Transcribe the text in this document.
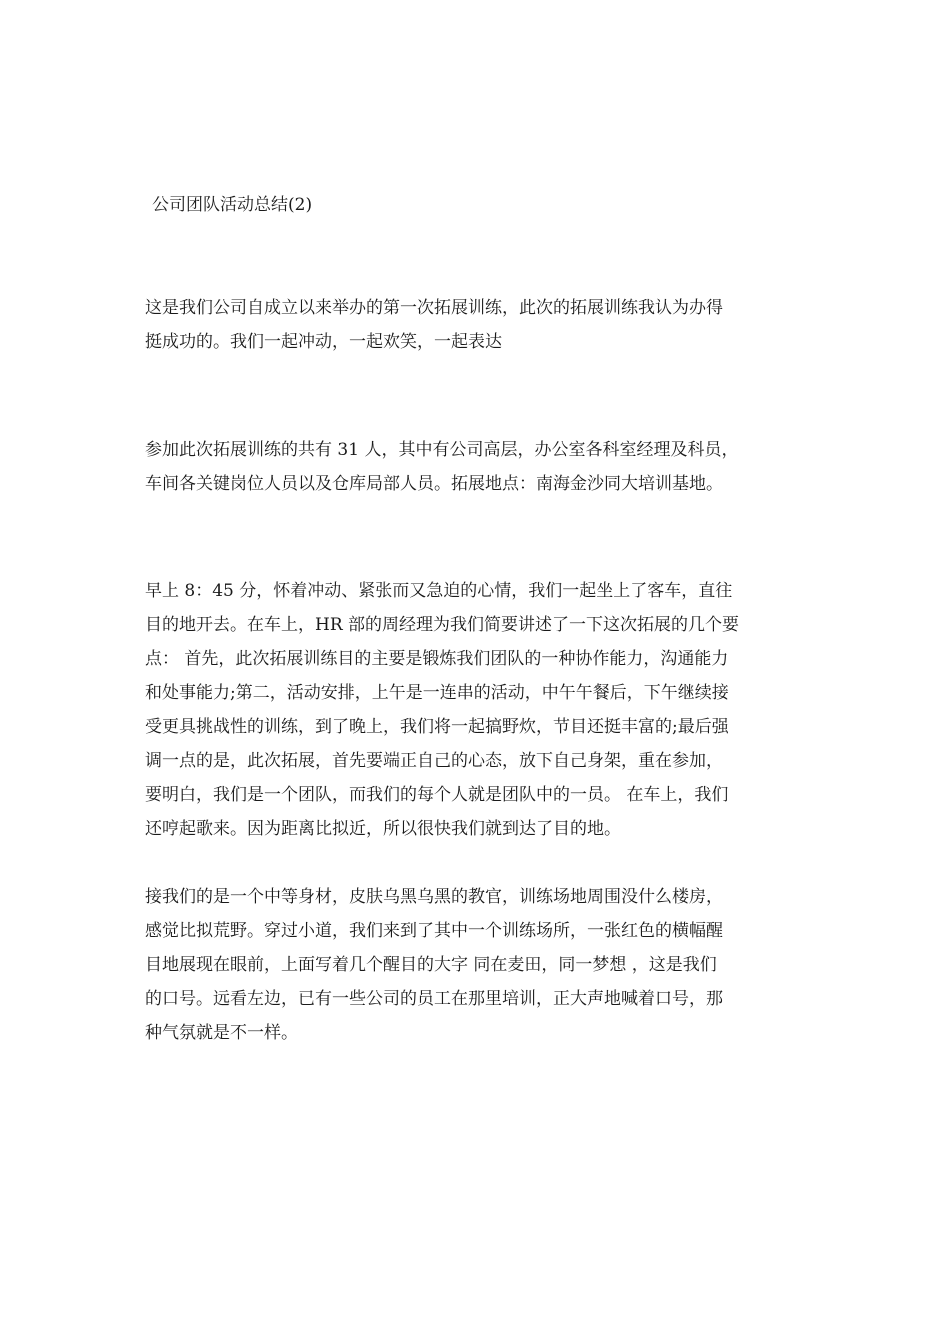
公司团队活动总结(2)
这是我们公司自成立以来举办的第一次拓展训练，此次的拓展训练我认为办得
挺成功的。我们一起冲动，一起欢笑，一起表达
参加此次拓展训练的共有 31 人，其中有公司高层，办公室各科室经理及科员，
车间各关键岗位人员以及仓库局部人员。拓展地点：南海金沙同大培训基地。
早上 8：45 分，怀着冲动、紧张而又急迫的心情，我们一起坐上了客车，直往
目的地开去。在车上，HR 部的周经理为我们简要讲述了一下这次拓展的几个要
点： 首先，此次拓展训练目的主要是锻炼我们团队的一种协作能力，沟通能力
和处事能力;第二，活动安排，上午是一连串的活动，中午午餐后，下午继续接
受更具挑战性的训练，到了晚上，我们将一起搞野炊，节目还挺丰富的;最后强
调一点的是，此次拓展，首先要端正自己的心态，放下自己身架，重在参加，
要明白，我们是一个团队，而我们的每个人就是团队中的一员。 在车上，我们
还哼起歌来。因为距离比拟近，所以很快我们就到达了目的地。
接我们的是一个中等身材，皮肤乌黑乌黑的教官，训练场地周围没什么楼房，
感觉比拟荒野。穿过小道，我们来到了其中一个训练场所，一张红色的横幅醒
目地展现在眼前，上面写着几个醒目的大字 同在麦田，同一梦想 ，这是我们
的口号。远看左边，已有一些公司的员工在那里培训，正大声地喊着口号，那
种气氛就是不一样。
